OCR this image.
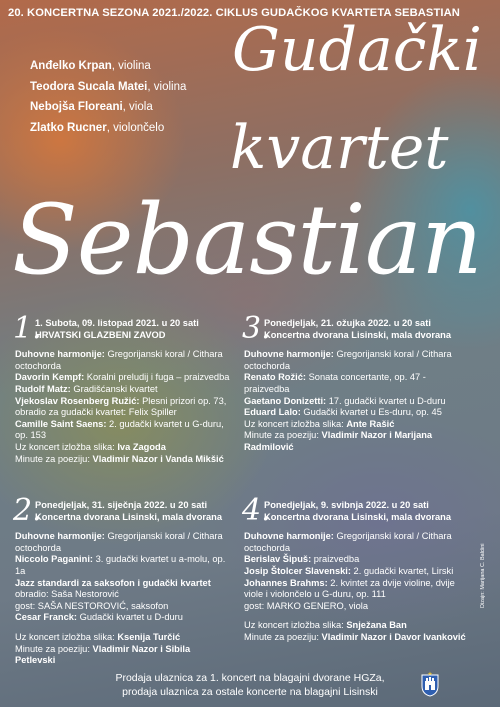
20. KONCERTNA SEZONA 2021./2022. CIKLUS GUDAČKOG KVARTETA SEBASTIAN
Anđelko Krpan, violina
Teodora Sucala Matei, violina
Nebojša Floreani, viola
Zlatko Rucner, violončelo
Gudački
kvartet
Sebastian
1.
1. Subota, 09. listopad 2021. u 20 sati
HRVATSKI GLAZBENI ZAVOD
Duhovne harmonije: Gregorijanski koral / Cithara octochorda
Davorin Kempf: Koralni preludij i fuga – praizvedba
Rudolf Matz: Gradišćanski kvartet
Vjekoslav Rosenberg Ružić: Plesni prizori op. 73, obradio za gudački kvartet: Felix Spiller
Camille Saint Saens: 2. gudački kvartet u G-duru, op. 153
Uz koncert izložba slika: Iva Zagoda
Minute za poeziju: Vladimir Nazor i Vanda Mikšić
3.
Ponedjeljak, 21. ožujka 2022. u 20 sati
Koncertna dvorana Lisinski, mala dvorana
Duhovne harmonije: Gregorijanski koral / Cithara octochorda
Renato Rožić: Sonata concertante, op. 47 - praizvedba
Gaetano Donizetti: 17. gudački kvartet u D-duru
Eduard Lalo: Gudački kvartet u Es-duru, op. 45
Uz koncert izložba slika: Ante Rašić
Minute za poeziju: Vladimir Nazor i Marijana Radmilović
2.
Ponedjeljak, 31. siječnja 2022. u 20 sati
Koncertna dvorana Lisinski, mala dvorana
Duhovne harmonije: Gregorijanski koral / Cithara octochorda
Niccolo Paganini: 3. gudački kvartet u a-molu, op. 1a
Jazz standardi za saksofon i gudački kvartet
obradio: Saša Nestorović
gost: SAŠA NESTOROVIĆ, saksofon
Cesar Franck: Gudački kvartet u D-duru
Uz koncert izložba slika: Ksenija Turčić
Minute za poeziju: Vladimir Nazor i Sibila Petlevski
4.
Ponedjeljak, 9. svibnja 2022. u 20 sati
Koncertna dvorana Lisinski, mala dvorana
Duhovne harmonije: Gregorijanski koral / Cithara octochorda
Berislav Šipuš: praizvedba
Josip Štolcer Slavenski: 2. gudački kvartet, Lirski
Johannes Brahms: 2. kvintet za dvije violine, dvije viole i violončelo u G-duru, op. 111
gost: MARKO GENERO, viola
Uz koncert izložba slika: Snježana Ban
Minute za poeziju: Vladimir Nazor i Davor Ivanković
Dizajn: Marijana C. Baldini
Prodaja ulaznica za 1. koncert na blagajni dvorane HGZa,
prodaja ulaznica za ostale koncerte na blagajni Lisinski
